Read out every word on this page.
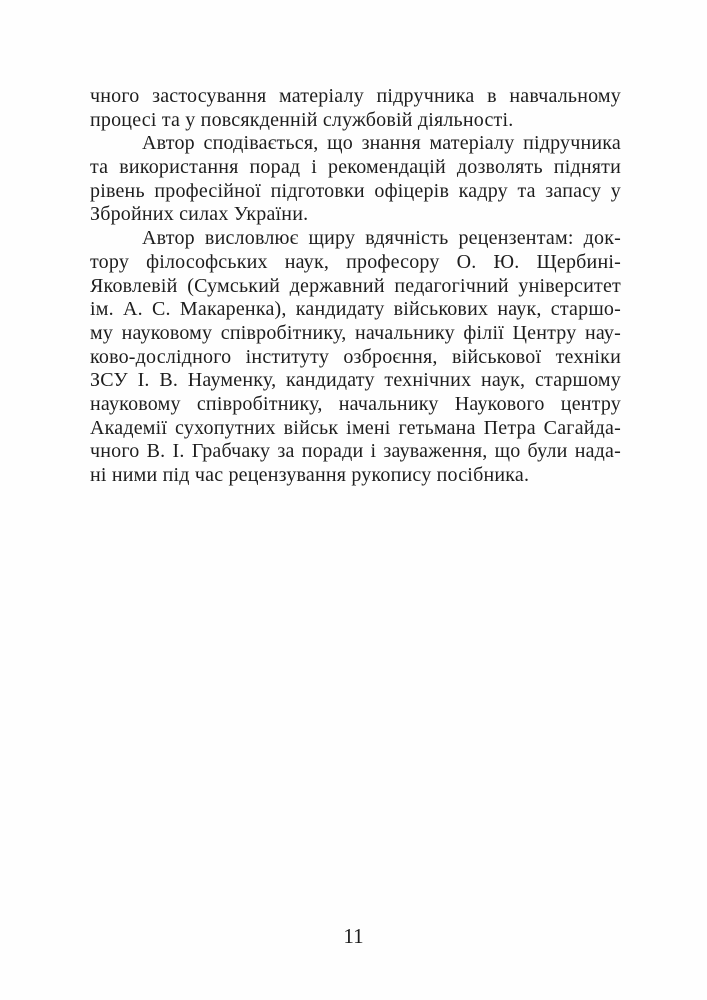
чного застосування матеріалу підручника в навчальному
процесі та у повсякденній службовій діяльності.
Автор сподівається, що знання матеріалу підручника
та використання порад і рекомендацій дозволять підняти
рівень професійної підготовки офіцерів кадру та запасу у
Збройних силах України.
Автор висловлює щиру вдячність рецензентам: док-
тору філософських наук, професору О. Ю. Щербині-
Яковлевій (Сумський державний педагогічний університет
ім. А. С. Макаренка), кандидату військових наук, старшо-
му науковому співробітнику, начальнику філії Центру нау-
ково-дослідного інституту озброєння, військової техніки
ЗСУ І. В. Науменку, кандидату технічних наук, старшому
науковому співробітнику, начальнику Наукового центру
Академії сухопутних військ імені гетьмана Петра Сагайда-
чного В. І. Грабчаку за поради і зауваження, що були нада-
ні ними під час рецензування рукопису посібника.
11
